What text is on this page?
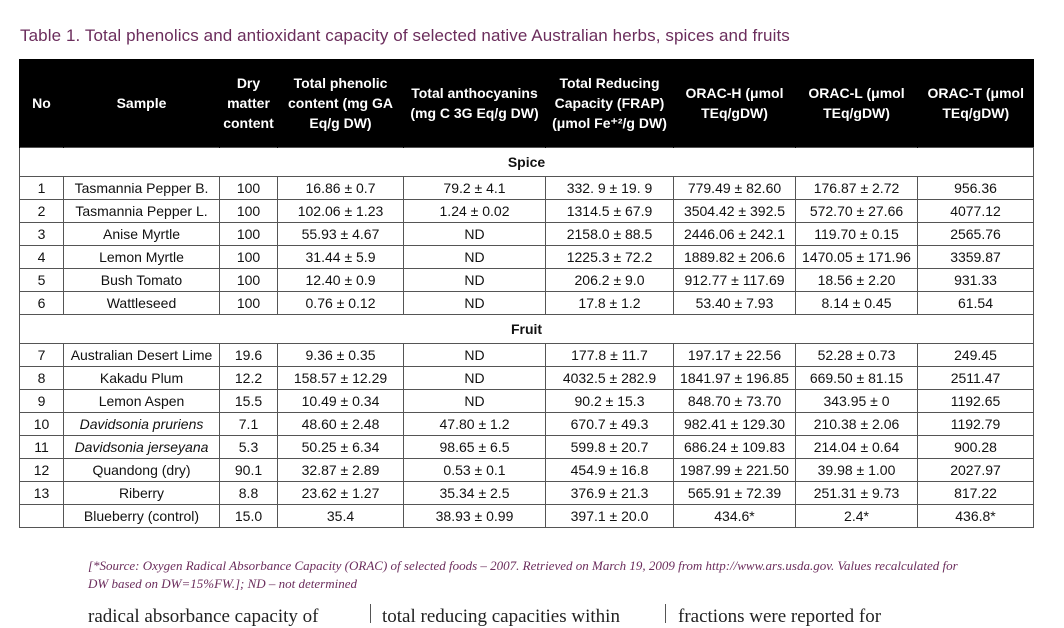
Table 1. Total phenolics and antioxidant capacity of selected native Australian herbs, spices and fruits
No	Sample	Dry matter content	Total phenolic content (mg GA Eq/g DW)	Total anthocyanins (mg C 3G Eq/g DW)	Total Reducing Capacity (FRAP) (μmol Fe⁺²/g DW)	ORAC-H (μmol TEq/gDW)	ORAC-L (μmol TEq/gDW)	ORAC-T (μmol TEq/gDW)
Spice								
1	Tasmannia Pepper B.	100	16.86 ± 0.7	79.2 ± 4.1	332. 9 ± 19. 9	779.49 ± 82.60	176.87 ± 2.72	956.36
2	Tasmannia Pepper L.	100	102.06 ± 1.23	1.24 ± 0.02	1314.5 ± 67.9	3504.42 ± 392.5	572.70 ± 27.66	4077.12
3	Anise Myrtle	100	55.93 ± 4.67	ND	2158.0 ± 88.5	2446.06 ± 242.1	119.70 ± 0.15	2565.76
4	Lemon Myrtle	100	31.44 ± 5.9	ND	1225.3 ± 72.2	1889.82 ± 206.6	1470.05 ± 171.96	3359.87
5	Bush Tomato	100	12.40 ± 0.9	ND	206.2 ± 9.0	912.77 ± 117.69	18.56 ± 2.20	931.33
6	Wattleseed	100	0.76 ± 0.12	ND	17.8 ± 1.2	53.40 ± 7.93	8.14 ± 0.45	61.54
Fruit								
7	Australian Desert Lime	19.6	9.36 ± 0.35	ND	177.8 ± 11.7	197.17 ± 22.56	52.28 ± 0.73	249.45
8	Kakadu Plum	12.2	158.57 ± 12.29	ND	4032.5 ± 282.9	1841.97 ± 196.85	669.50 ± 81.15	2511.47
9	Lemon Aspen	15.5	10.49 ± 0.34	ND	90.2 ± 15.3	848.70 ± 73.70	343.95 ± 0	1192.65
10	Davidsonia pruriens	7.1	48.60 ± 2.48	47.80 ± 1.2	670.7 ± 49.3	982.41 ± 129.30	210.38 ± 2.06	1192.79
11	Davidsonia jerseyana	5.3	50.25 ± 6.34	98.65 ± 6.5	599.8 ± 20.7	686.24 ± 109.83	214.04 ± 0.64	900.28
12	Quandong (dry)	90.1	32.87 ± 2.89	0.53 ± 0.1	454.9 ± 16.8	1987.99 ± 221.50	39.98 ± 1.00	2027.97
13	Riberry	8.8	23.62 ± 1.27	35.34 ± 2.5	376.9 ± 21.3	565.91 ± 72.39	251.31 ± 9.73	817.22
	Blueberry (control)	15.0	35.4	38.93 ± 0.99	397.1 ± 20.0	434.6*	2.4*	436.8*
[*Source: Oxygen Radical Absorbance Capacity (ORAC) of selected foods – 2007. Retrieved on March 19, 2009 from http://www.ars.usda.gov. Values recalculated for DW based on DW=15%FW.]; ND – not determined
radical absorbance capacity of	total reducing capacities within	fractions were reported for
